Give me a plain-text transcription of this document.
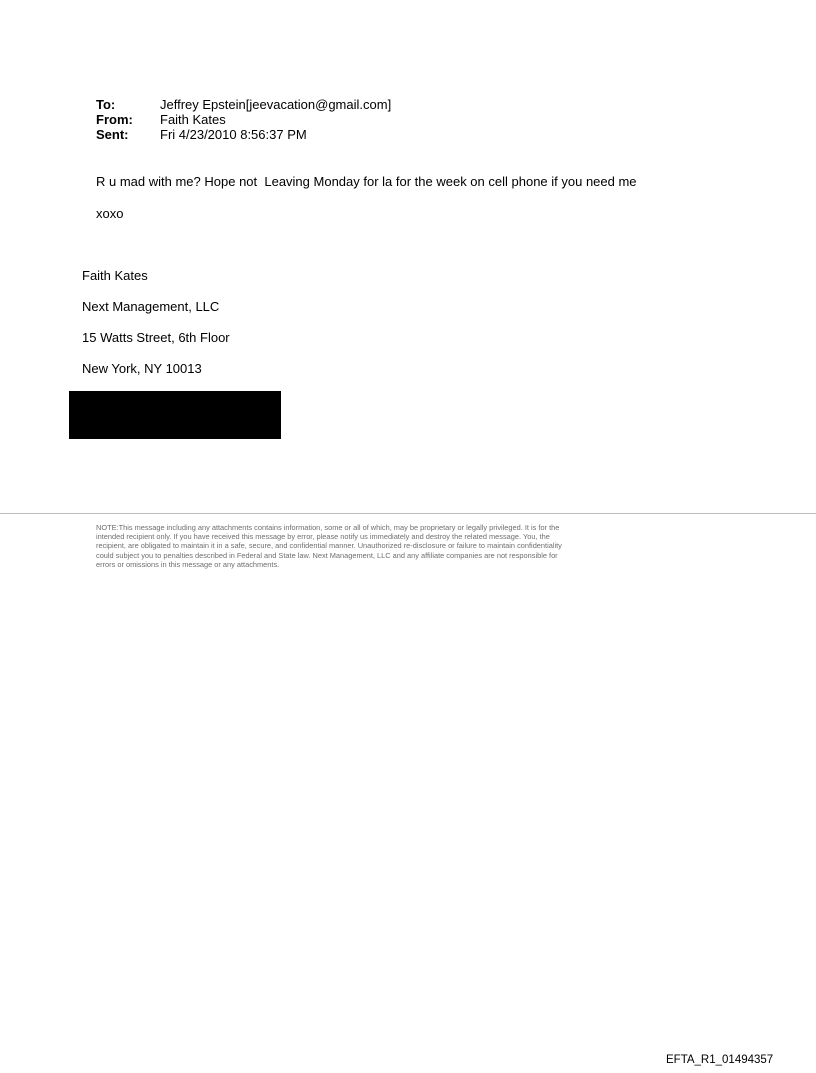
To:	Jeffrey Epstein[jeevacation@gmail.com]
From:	Faith Kates
Sent:	Fri 4/23/2010 8:56:37 PM
R u mad with me? Hope not  Leaving Monday for la for the week on cell phone if you need me
xoxo
Faith Kates
Next Management, LLC
15 Watts Street, 6th Floor
New York, NY 10013
NOTE:This message including any attachments contains information, some or all of which, may be proprietary or legally privileged. It is for the
intended recipient only. If you have received this message by error, please notify us immediately and destroy the related message. You, the
recipient, are obligated to maintain it in a safe, secure, and confidential manner. Unauthorized re-disclosure or failure to maintain confidentiality
could subject you to penalties described in Federal and State law. Next Management, LLC and any affiliate companies are not responsible for
errors or omissions in this message or any attachments.
EFTA_R1_01494357
